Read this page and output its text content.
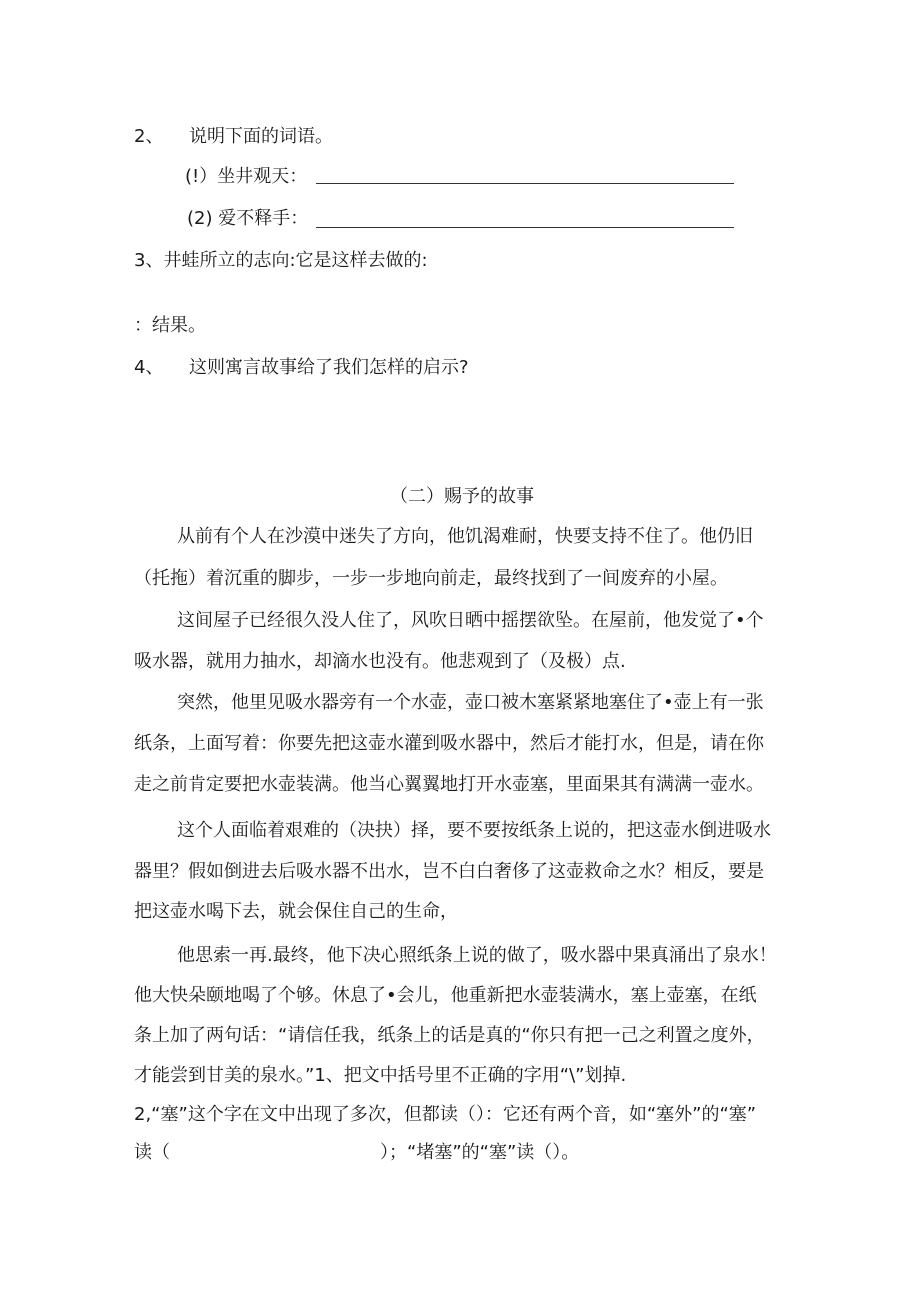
2、 说明下面的词语。
(!）坐井观天：
(2) 爱不释手：
3、井蛙所立的志向:它是这样去做的:
：结果。
4、 这则寓言故事给了我们怎样的启示?
（二）赐予的故事
从前有个人在沙漠中迷失了方向，他饥渴难耐，快要支持不住了。他仍旧
（托拖）着沉重的脚步，一步一步地向前走，最终找到了一间废弃的小屋。
这间屋子已经很久没人住了，风吹日晒中摇摆欲坠。在屋前，他发觉了•个
吸水器，就用力抽水，却滴水也没有。他悲观到了（及极）点.
突然，他里见吸水器旁有一个水壶，壶口被木塞紧紧地塞住了•壶上有一张
纸条，上面写着：你要先把这壶水灌到吸水器中，然后才能打水，但是，请在你
走之前肯定要把水壶装满。他当心翼翼地打开水壶塞，里面果其有满满一壶水。
这个人面临着艰难的（决抉）择，要不要按纸条上说的，把这壶水倒进吸水
器里？假如倒进去后吸水器不出水，岂不白白奢侈了这壶救命之水？相反，要是
把这壶水喝下去，就会保住自己的生命，
他思索一再.最终，他下决心照纸条上说的做了，吸水器中果真涌出了泉水！
他大快朵颐地喝了个够。休息了•会儿，他重新把水壶装满水，塞上壶塞，在纸
条上加了两句话：“请信任我，纸条上的话是真的“你只有把一己之利置之度外，
才能尝到甘美的泉水。”1、把文中括号里不正确的字用“\”划掉.
2,“塞”这个字在文中出现了多次，但都读（）：它还有两个音，如“塞外”的“塞”
读（	）；“堵塞”的“塞”读（）。
